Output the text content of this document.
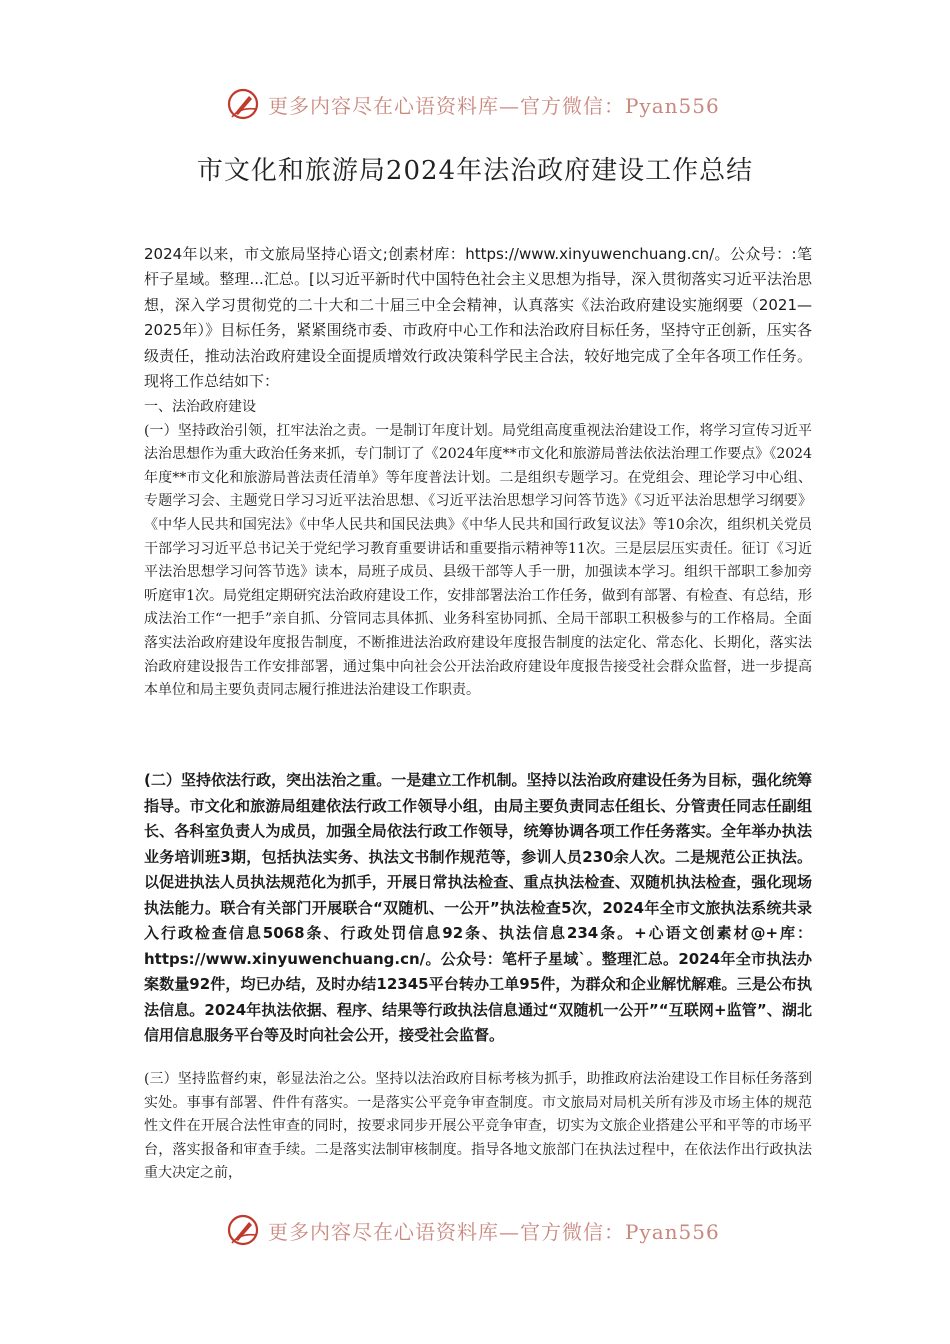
更多内容尽在心语资料库—官方微信：Pyan556
市文化和旅游局2024年法治政府建设工作总结

2024年以来，市文旅局坚持心语文;创素材库：https://www.xinyuwenchuang.cn/。公众号：:笔杆子星域。整理...汇总。[以习近平新时代中国特色社会主义思想为指导，深入贯彻落实习近平法治思想，深入学习贯彻党的二十大和二十届三中全会精神，认真落实《法治政府建设实施纲要（2021—2025年）》目标任务，紧紧围绕市委、市政府中心工作和法治政府目标任务，坚持守正创新，压实各级责任，推动法治政府建设全面提质增效行政决策科学民主合法，较好地完成了全年各项工作任务。现将工作总结如下：

一、法治政府建设

(一）坚持政治引领，扛牢法治之责。一是制订年度计划。局党组高度重视法治建设工作，将学习宣传习近平法治思想作为重大政治任务来抓，专门制订了《2024年度**市文化和旅游局普法依法治理工作要点》《2024年度**市文化和旅游局普法责任清单》等年度普法计划。二是组织专题学习。在党组会、理论学习中心组、专题学习会、主题党日学习习近平法治思想、《习近平法治思想学习问答节选》《习近平法治思想学习纲要》《中华人民共和国宪法》《中华人民共和国民法典》《中华人民共和国行政复议法》等10余次，组织机关党员干部学习习近平总书记关于党纪学习教育重要讲话和重要指示精神等11次。三是层层压实责任。征订《习近平法治思想学习问答节选》读本，局班子成员、县级干部等人手一册，加强读本学习。组织干部职工参加旁听庭审1次。局党组定期研究法治政府建设工作，安排部署法治工作任务，做到有部署、有检查、有总结，形成法治工作“一把手”亲自抓、分管同志具体抓、业务科室协同抓、全局干部职工积极参与的工作格局。全面落实法治政府建设年度报告制度，不断推进法治政府建设年度报告制度的法定化、常态化、长期化，落实法治政府建设报告工作安排部署，通过集中向社会公开法治政府建设年度报告接受社会群众监督，进一步提高本单位和局主要负责同志履行推进法治建设工作职责。

(二）坚持依法行政，突出法治之重。一是建立工作机制。坚持以法治政府建设任务为目标，强化统筹指导。市文化和旅游局组建依法行政工作领导小组，由局主要负责同志任组长、分管责任同志任副组长、各科室负责人为成员，加强全局依法行政工作领导，统筹协调各项工作任务落实。全年举办执法业务培训班3期，包括执法实务、执法文书制作规范等，参训人员230余人次。二是规范公正执法。以促进执法人员执法规范化为抓手，开展日常执法检查、重点执法检查、双随机执法检查，强化现场执法能力。联合有关部门开展联合“双随机、一公开”执法检查5次，2024年全市文旅执法系统共录入行政检查信息5068条、行政处罚信息92条、执法信息234条。+心语文创素材@+库：https://www.xinyuwenchuang.cn/。公众号：笔杆子星域`。整理汇总。2024年全市执法办案数量92件，均已办结，及时办结12345平台转办工单95件，为群众和企业解忧解难。三是公布执法信息。2024年执法依据、程序、结果等行政执法信息通过“双随机一公开”“互联网+监管”、湖北信用信息服务平台等及时向社会公开，接受社会监督。

(三）坚持监督约束，彰显法治之公。坚持以法治政府目标考核为抓手，助推政府法治建设工作目标任务落到实处。事事有部署、件件有落实。一是落实公平竞争审查制度。市文旅局对局机关所有涉及市场主体的规范性文件在开展合法性审查的同时，按要求同步开展公平竞争审查，切实为文旅企业搭建公平和平等的市场平台，落实报备和审查手续。二是落实法制审核制度。指导各地文旅部门在执法过程中，在依法作出行政执法重大决定之前，

更多内容尽在心语资料库—官方微信：Pyan556
